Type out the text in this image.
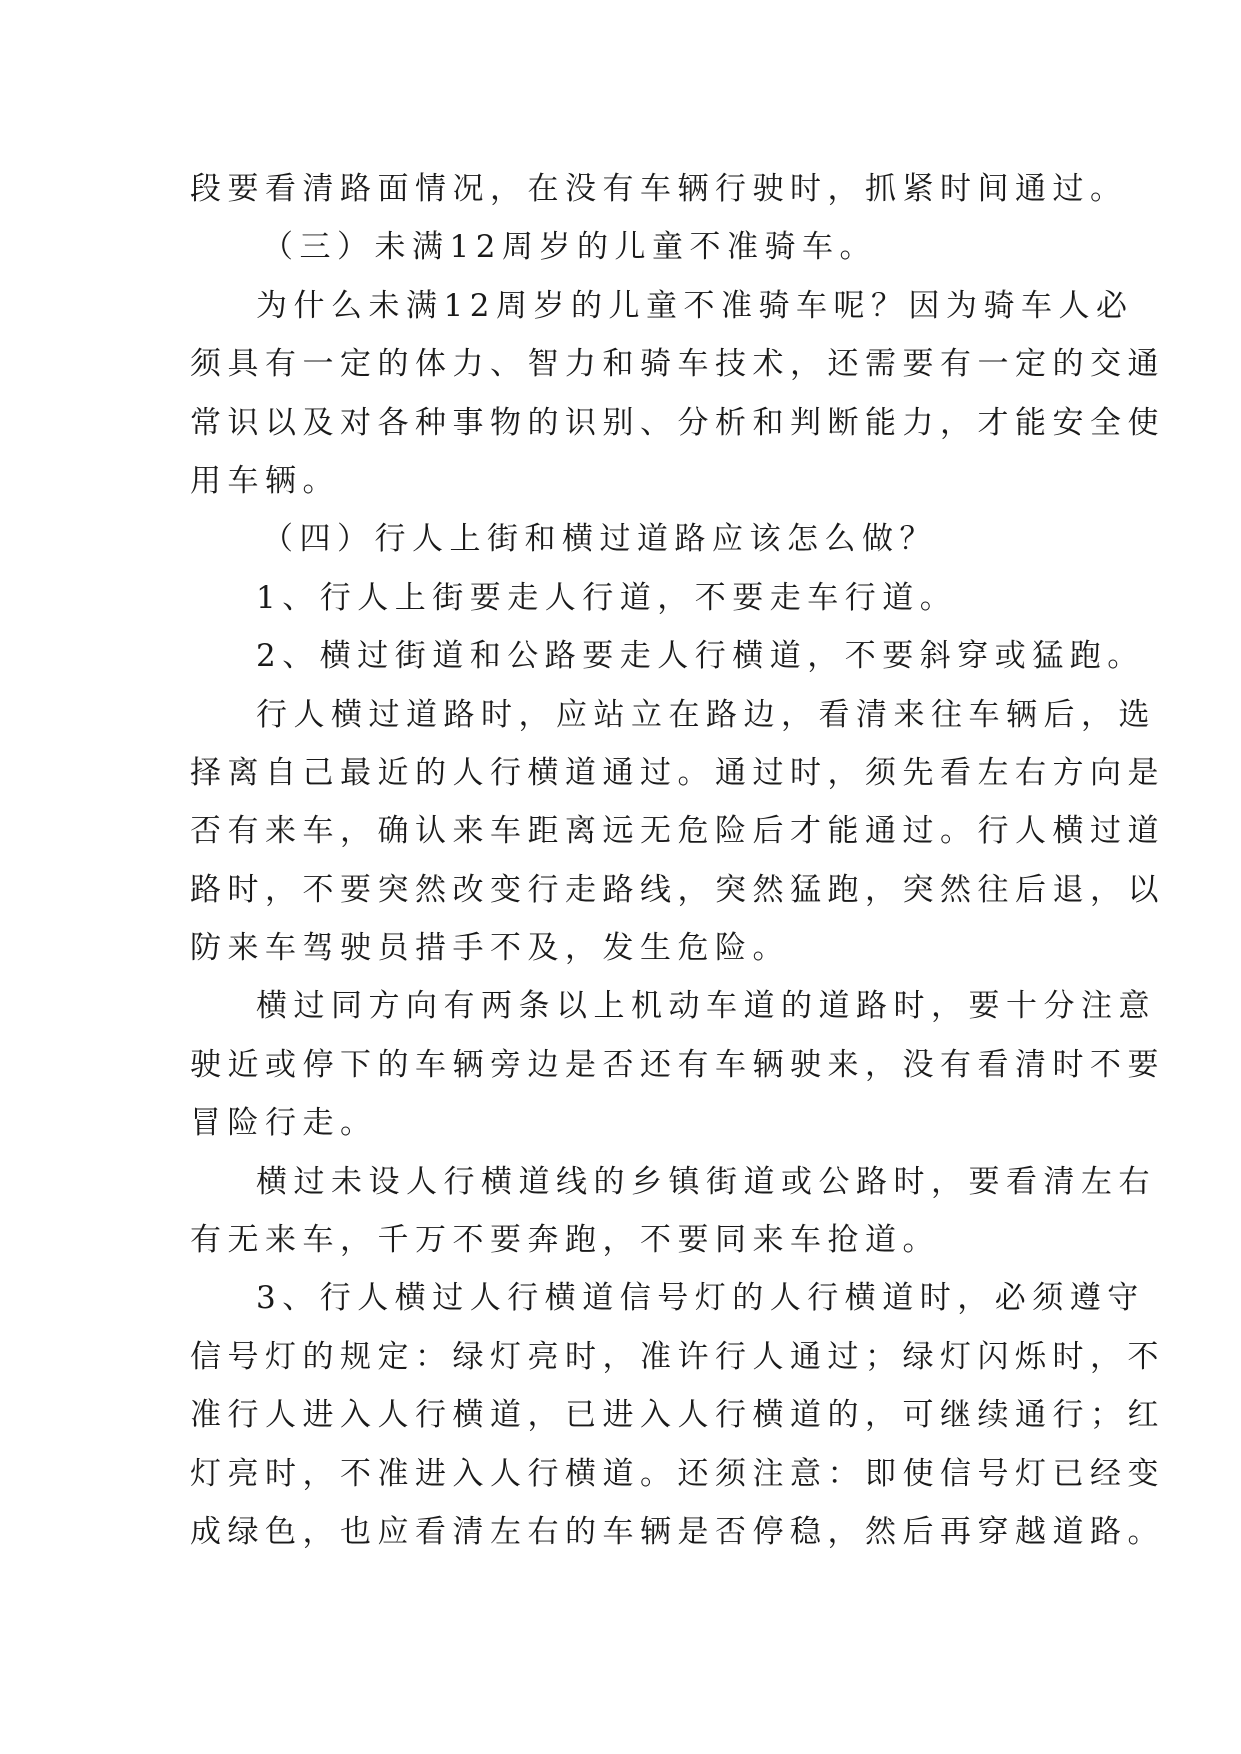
段要看清路面情况，在没有车辆行驶时，抓紧时间通过。
（三）未满12周岁的儿童不准骑车。
为什么未满12周岁的儿童不准骑车呢？因为骑车人必
须具有一定的体力、智力和骑车技术，还需要有一定的交通
常识以及对各种事物的识别、分析和判断能力，才能安全使
用车辆。
（四）行人上街和横过道路应该怎么做？
1、行人上街要走人行道，不要走车行道。
2、横过街道和公路要走人行横道，不要斜穿或猛跑。
行人横过道路时，应站立在路边，看清来往车辆后，选
择离自己最近的人行横道通过。通过时，须先看左右方向是
否有来车，确认来车距离远无危险后才能通过。行人横过道
路时，不要突然改变行走路线，突然猛跑，突然往后退，以
防来车驾驶员措手不及，发生危险。
横过同方向有两条以上机动车道的道路时，要十分注意
驶近或停下的车辆旁边是否还有车辆驶来，没有看清时不要
冒险行走。
横过未设人行横道线的乡镇街道或公路时，要看清左右
有无来车，千万不要奔跑，不要同来车抢道。
3、行人横过人行横道信号灯的人行横道时，必须遵守
信号灯的规定：绿灯亮时，准许行人通过；绿灯闪烁时，不
准行人进入人行横道，已进入人行横道的，可继续通行；红
灯亮时，不准进入人行横道。还须注意：即使信号灯已经变
成绿色，也应看清左右的车辆是否停稳，然后再穿越道路。
